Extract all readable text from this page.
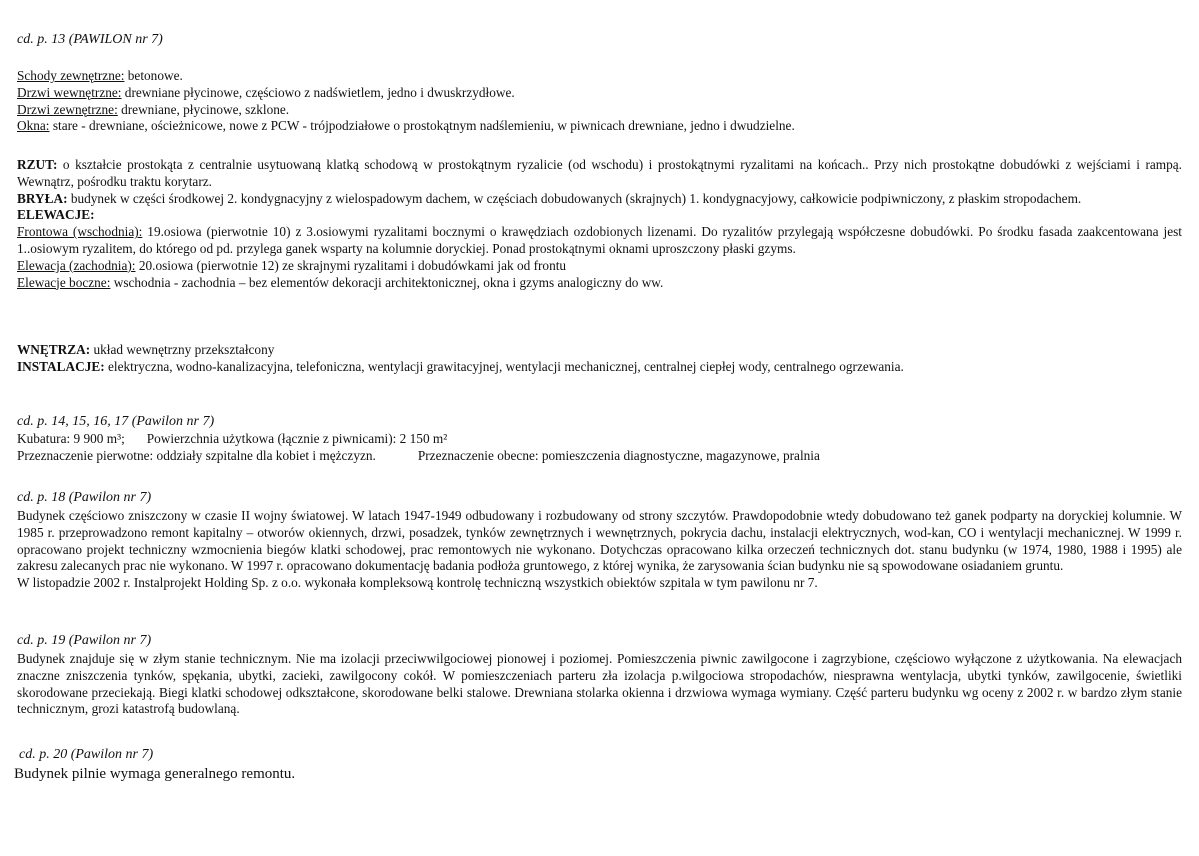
cd. p. 13 (PAWILON nr 7)

Schody zewnętrzne: betonowe.

Drzwi wewnętrzne: drewniane płycinowe, częściowo z nadświetlem, jedno i dwuskrzydłowe.

Drzwi zewnętrzne: drewniane, płycinowe, szklone.

Okna: stare - drewniane, ościeżnicowe, nowe z PCW - trójpodziałowe o prostokątnym nadślemieniu, w piwnicach drewniane, jedno i dwudzielne.

RZUT: o kształcie prostokąta z centralnie usytuowaną klatką schodową w prostokątnym ryzalicie (od wschodu) i prostokątnymi ryzalitami na końcach.. Przy nich prostokątne dobudówki z wejściami i rampą. Wewnątrz, pośrodku traktu korytarz.

BRYŁA: budynek w części środkowej 2. kondygnacyjny z wielospadowym dachem, w częściach dobudowanych (skrajnych) 1. kondygnacyjowy, całkowicie podpiwniczony, z płaskim stropodachem.

ELEWACJE:

Frontowa (wschodnia): 19.osiowa (pierwotnie 10) z 3.osiowymi ryzalitami bocznymi o krawędziach ozdobionych lizenami. Do ryzalitów przylegają współczesne dobudówki. Po środku fasada zaakcentowana jest 1..osiowym ryzalitem, do którego od pd. przylega ganek wsparty na kolumnie doryckiej. Ponad prostokątnymi oknami uproszczony płaski gzyms.

Elewacja (zachodnia): 20.osiowa (pierwotnie 12) ze skrajnymi ryzalitami i dobudówkami jak od frontu

Elewacje boczne: wschodnia - zachodnia – bez elementów dekoracji architektonicznej, okna i gzyms analogiczny do ww.

WNĘTRZA: układ wewnętrzny przekształcony

INSTALACJE: elektryczna, wodno-kanalizacyjna, telefoniczna, wentylacji grawitacyjnej, wentylacji mechanicznej, centralnej ciepłej wody, centralnego ogrzewania.

cd. p. 14, 15, 16, 17 (Pawilon nr 7)

Kubatura: 9 900 m³; Powierzchnia użytkowa (łącznie z piwnicami): 2 150 m²

Przeznaczenie pierwotne: oddziały szpitalne dla kobiet i mężczyzn.	Przeznaczenie obecne: pomieszczenia diagnostyczne, magazynowe, pralnia

cd. p. 18 (Pawilon nr 7)

Budynek częściowo zniszczony w czasie II wojny światowej. W latach 1947-1949 odbudowany i rozbudowany od strony szczytów. Prawdopodobnie wtedy dobudowano też ganek podparty na doryckiej kolumnie. W 1985 r. przeprowadzono remont kapitalny – otworów okiennych, drzwi, posadzek, tynków zewnętrznych i wewnętrznych, pokrycia dachu, instalacji elektrycznych, wod-kan, CO i wentylacji mechanicznej. W 1999 r. opracowano projekt techniczny wzmocnienia biegów klatki schodowej, prac remontowych nie wykonano. Dotychczas opracowano kilka orzeczeń technicznych dot. stanu budynku (w 1974, 1980, 1988 i 1995) ale zakresu zalecanych prac nie wykonano. W 1997 r. opracowano dokumentację badania podłoża gruntowego, z której wynika, że zarysowania ścian budynku nie są spowodowane osiadaniem gruntu.

W listopadzie 2002 r. Instalprojekt Holding Sp. z o.o. wykonała kompleksową kontrolę techniczną wszystkich obiektów szpitala w tym pawilonu nr 7.

cd. p. 19 (Pawilon nr 7)

Budynek znajduje się w złym stanie technicznym. Nie ma izolacji przeciwwilgociowej pionowej i poziomej. Pomieszczenia piwnic zawilgocone i zagrzybione, częściowo wyłączone z użytkowania. Na elewacjach znaczne zniszczenia tynków, spękania, ubytki, zacieki, zawilgocony cokół. W pomieszczeniach parteru zła izolacja p.wilgociowa stropodachów, niesprawna wentylacja, ubytki tynków, zawilgocenie, świetliki skorodowane przeciekają. Biegi klatki schodowej odkształcone, skorodowane belki stalowe. Drewniana stolarka okienna i drzwiowa wymaga wymiany. Część parteru budynku wg oceny z 2002 r. w bardzo złym stanie technicznym, grozi katastrofą budowlaną.

cd. p. 20 (Pawilon nr 7)
Budynek pilnie wymaga generalnego remontu.
